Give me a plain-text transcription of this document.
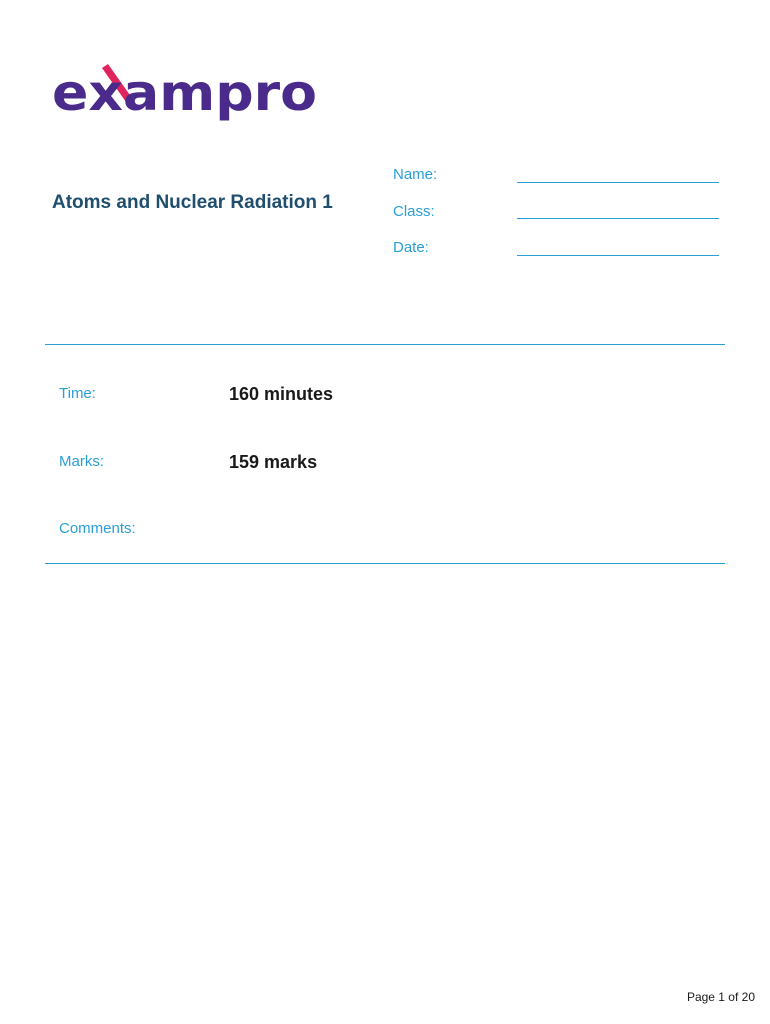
exampro
Atoms and Nuclear Radiation 1
Name:
Class:
Date:
Time:	160 minutes
Marks:	159 marks
Comments:
Page 1 of 20
